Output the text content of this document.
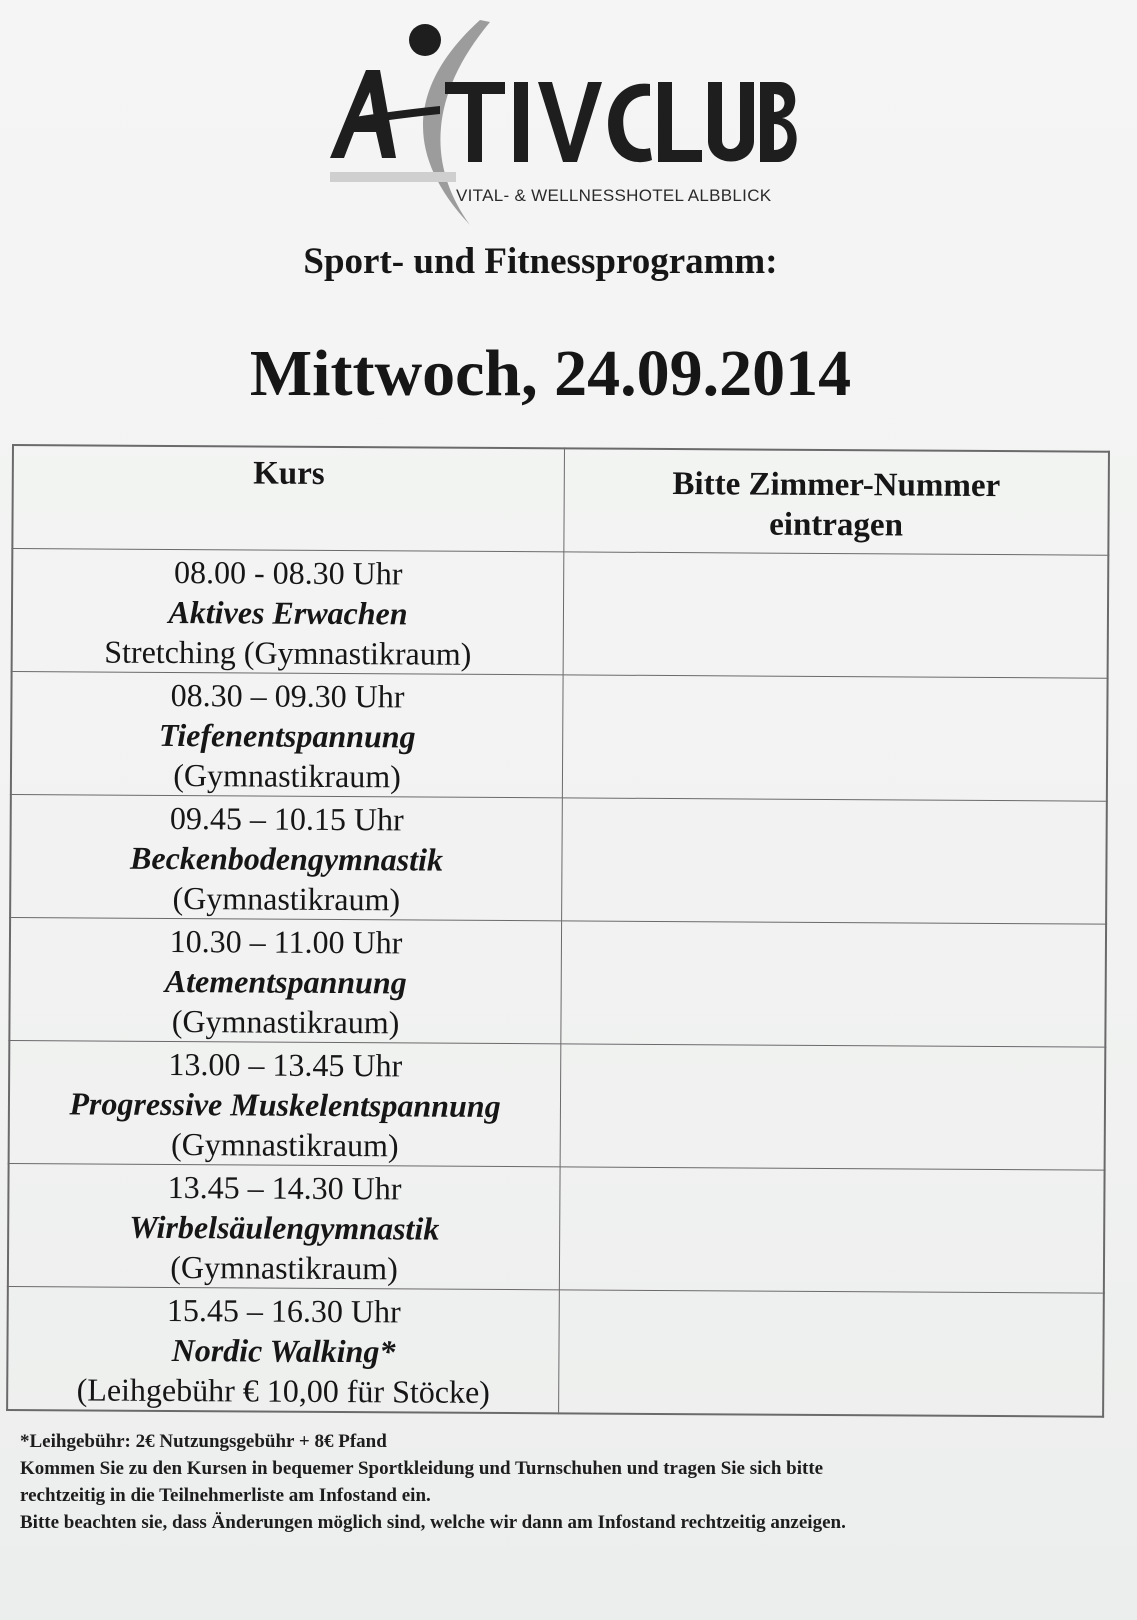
VITAL- & WELLNESSHOTEL ALBBLICK
Sport- und Fitnessprogramm:
Mittwoch, 24.09.2014
Kurs	Bitte Zimmer-Nummer
eintragen

08.00 - 08.30 Uhr
Aktives Erwachen
Stretching (Gymnastikraum)	

08.30 – 09.30 Uhr
Tiefenentspannung
(Gymnastikraum)	

09.45 – 10.15 Uhr
Beckenbodengymnastik
(Gymnastikraum)	

10.30 – 11.00 Uhr
Atementspannung
(Gymnastikraum)	

13.00 – 13.45 Uhr
Progressive Muskelentspannung
(Gymnastikraum)	

13.45 – 14.30 Uhr
Wirbelsäulengymnastik
(Gymnastikraum)	

15.45 – 16.30 Uhr
Nordic Walking*
(Leihgebühr € 10,00 für Stöcke)	

*Leihgebühr: 2€ Nutzungsgebühr + 8€ Pfand
Kommen Sie zu den Kursen in bequemer Sportkleidung und Turnschuhen und tragen Sie sich bitte
rechtzeitig in die Teilnehmerliste am Infostand ein.
Bitte beachten sie, dass Änderungen möglich sind, welche wir dann am Infostand rechtzeitig anzeigen.
